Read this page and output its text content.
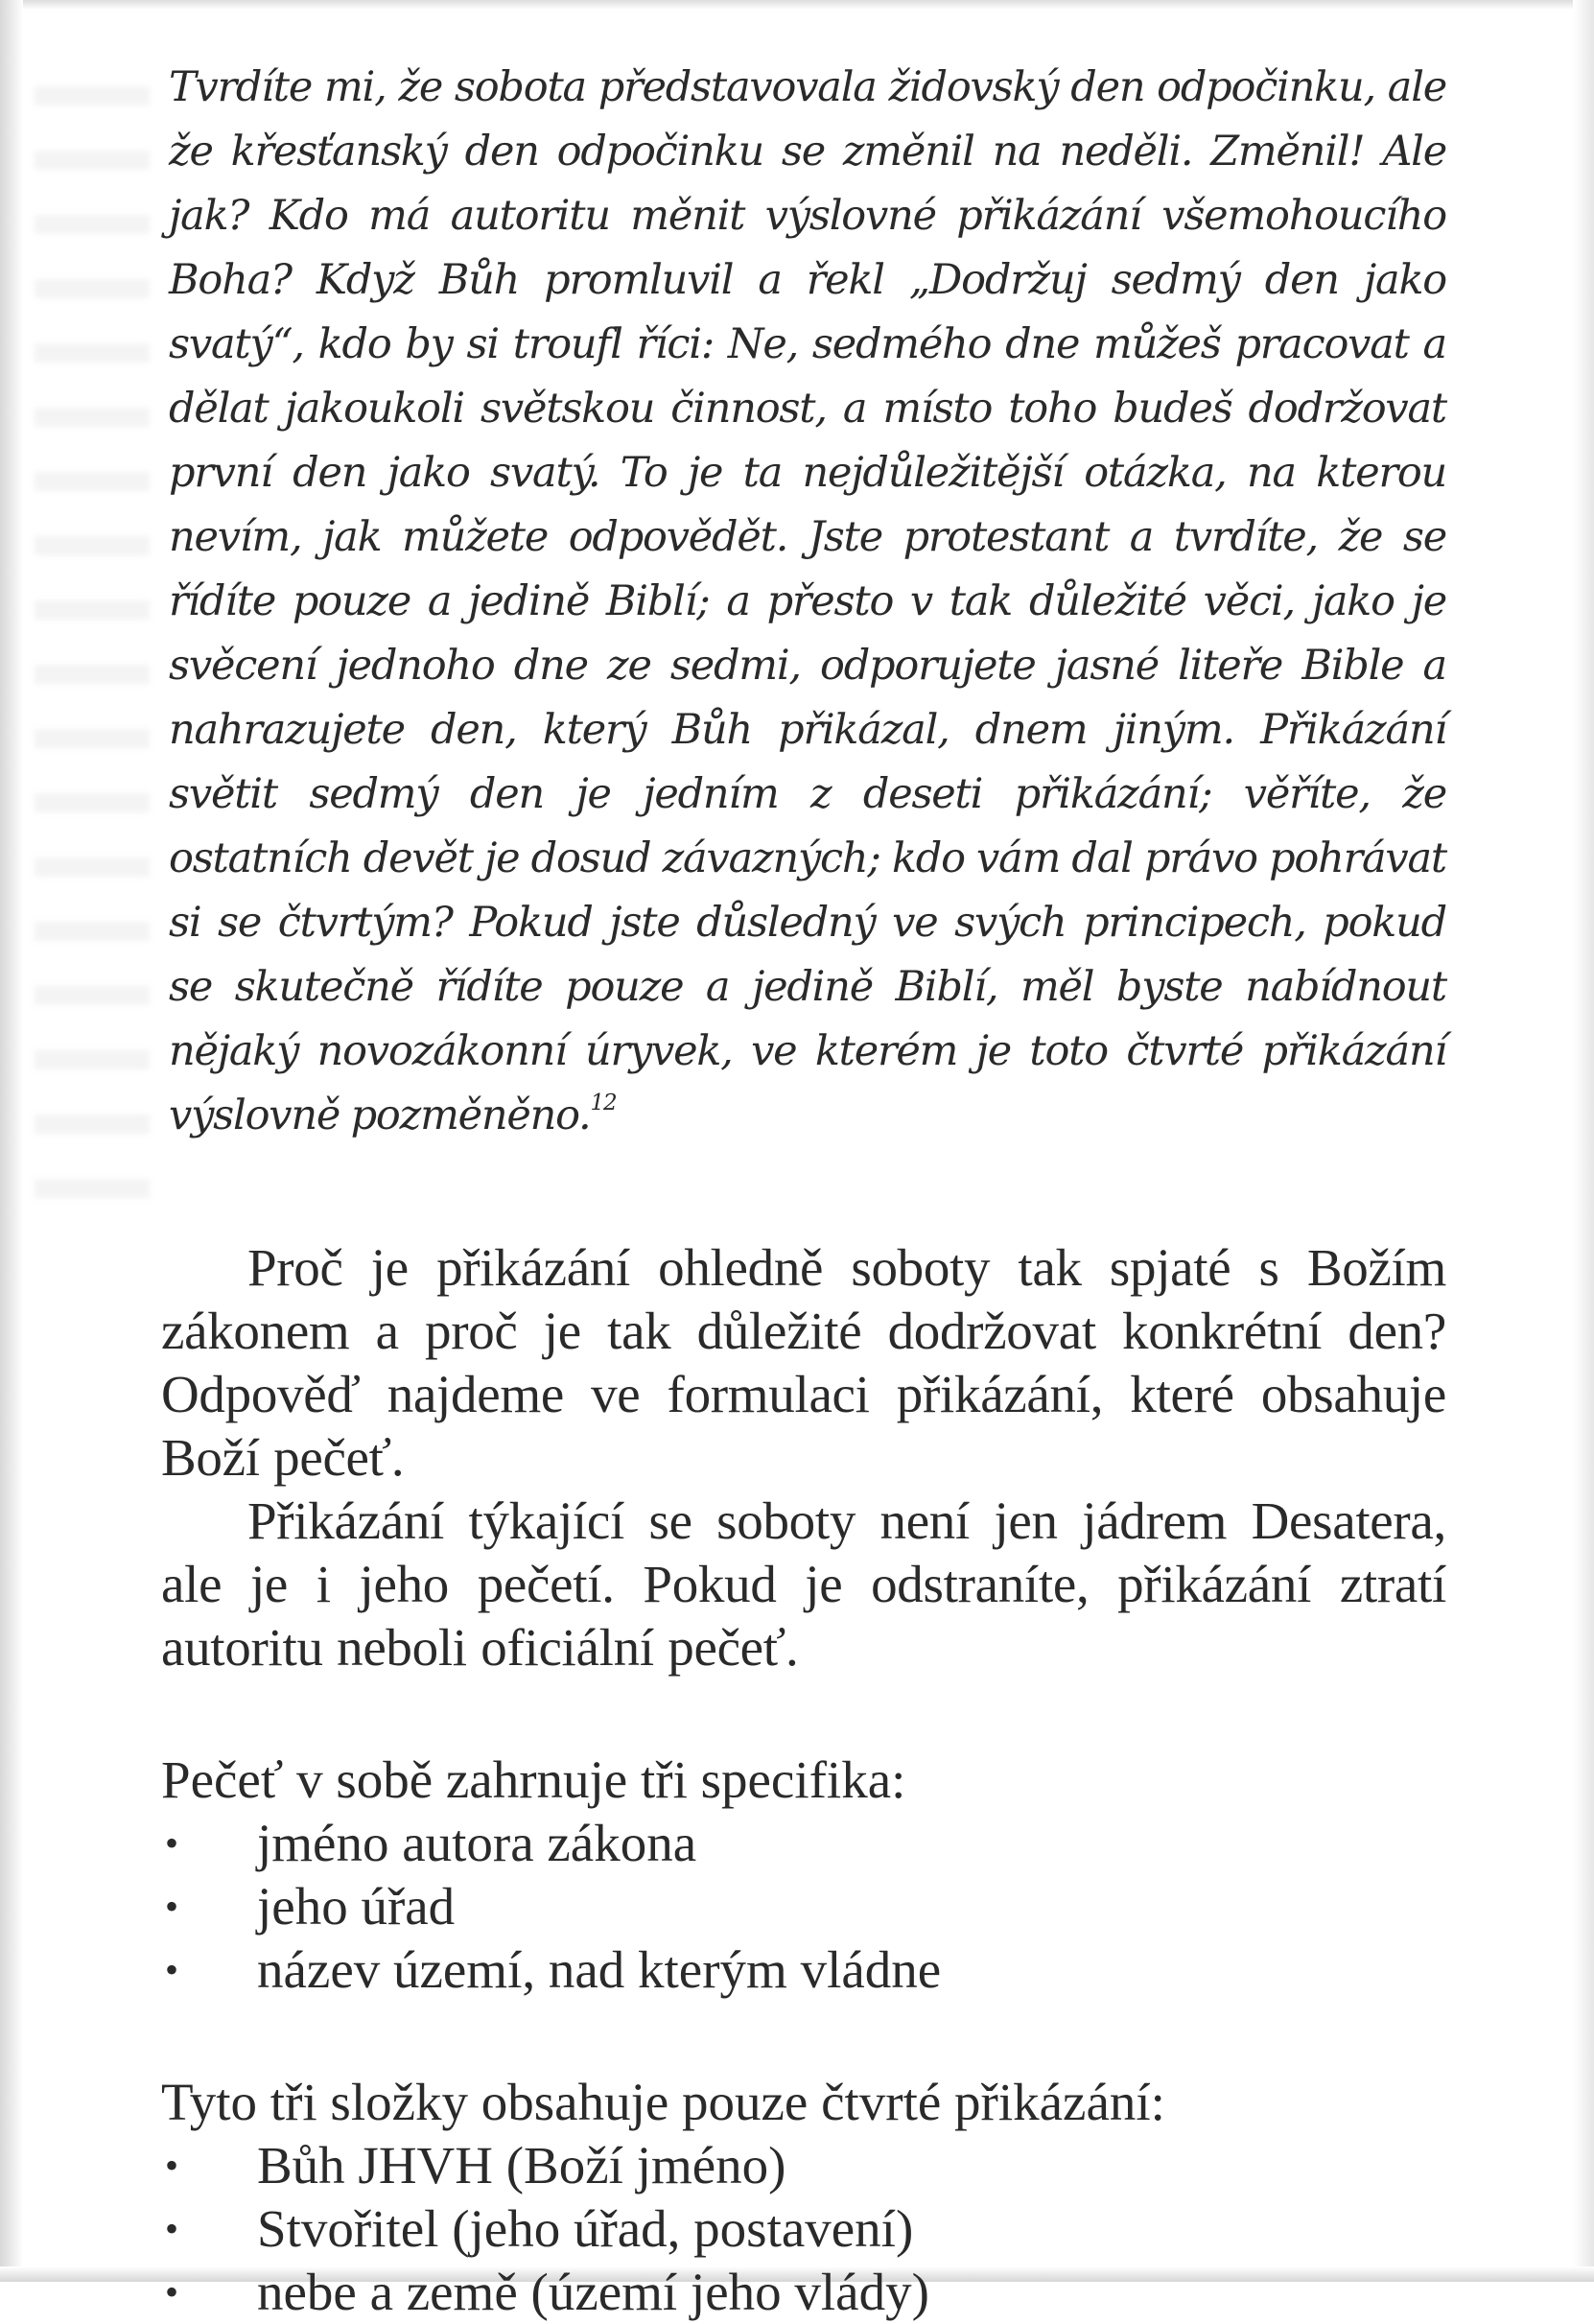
Tvrdíte mi, že sobota představovala židovský den odpočinku, ale že křesťanský den odpočinku se změnil na neděli. Změnil! Ale jak? Kdo má autoritu měnit výslovné přikázání všemohoucího Boha? Když Bůh promluvil a řekl „Dodržuj sedmý den jako svatý“, kdo by si troufl říci: Ne, sedmého dne můžeš pracovat a dělat jakoukoli světskou činnost, a místo toho budeš dodržovat první den jako svatý. To je ta nejdůležitější otázka, na kterou nevím, jak můžete odpovědět. Jste protestant a tvrdíte, že se řídíte pouze a jedině Biblí; a přesto v tak důležité věci, jako je svěcení jednoho dne ze sedmi, odporujete jasné liteře Bible a nahrazujete den, který Bůh přikázal, dnem jiným. Přikázání světit sedmý den je jedním z deseti přikázání; věříte, že ostatních devět je dosud závazných; kdo vám dal právo pohrávat si se čtvrtým? Pokud jste důsledný ve svých principech, pokud se skutečně řídíte pouze a jedině Biblí, měl byste nabídnout nějaký novozákonní úryvek, ve kterém je toto čtvrté přikázání výslovně pozměněno.$^{12}$

Proč je přikázání ohledně soboty tak spjaté s Božím zákonem a proč je tak důležité dodržovat konkrétní den? Odpověď najdeme ve formulaci přikázání, které obsahuje Boží pečeť.

Přikázání týkající se soboty není jen jádrem Desatera, ale je i jeho pečetí. Pokud je odstraníte, přikázání ztratí autoritu neboli oficiální pečeť.

Pečeť v sobě zahrnuje tři specifika:

• jméno autora zákona
• jeho úřad
• název území, nad kterým vládne

Tyto tři složky obsahuje pouze čtvrté přikázání:

• Bůh JHVH (Boží jméno)
• Stvořitel (jeho úřad, postavení)
• nebe a země (území jeho vlády)
